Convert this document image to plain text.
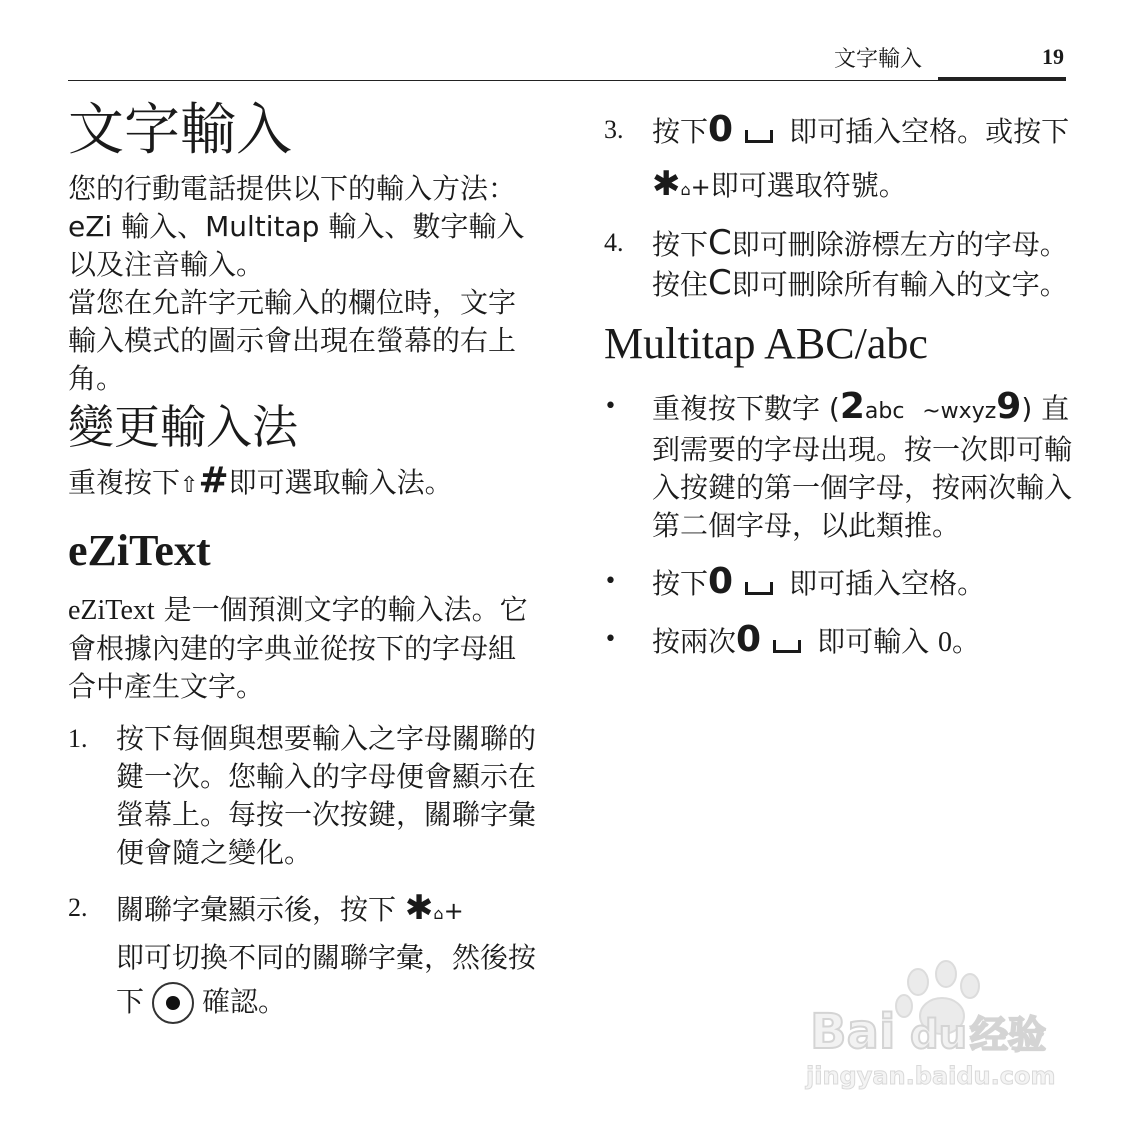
文字輸入	19
文字輸入

您的行動電話提供以下的輸入方法：eZi 輸入、Multitap 輸入、數字輸入以及注音輸入。

當您在允許字元輸入的欄位時，文字輸入模式的圖示會出現在螢幕的右上角。

變更輸入法

重複按下⇧#即可選取輸入法。

eZiText

eZiText 是一個預測文字的輸入法。它會根據內建的字典並從按下的字母組合中產生文字。

1.	按下每個與想要輸入之字母關聯的鍵一次。您輸入的字母便會顯示在螢幕上。每按一次按鍵，關聯字彙便會隨之變化。
2.	關聯字彙顯示後，按下 ✱⌂+
即可切換不同的關聯字彙，然後按下 確認。
3.	按下0 即可插入空格。或按下 ✱⌂+即可選取符號。
4.	按下C即可刪除游標左方的字母。按住C即可刪除所有輸入的文字。
Multitap ABC/abc
•	重複按下數字 (2abc ~wxyz9) 直到需要的字母出現。按一次即可輸入按鍵的第一個字母，按兩次輸入第二個字母，以此類推。
•	按下0 即可插入空格。
•	按兩次0 即可輸入 0。
Bai du 经验
jingyan.baidu.com
